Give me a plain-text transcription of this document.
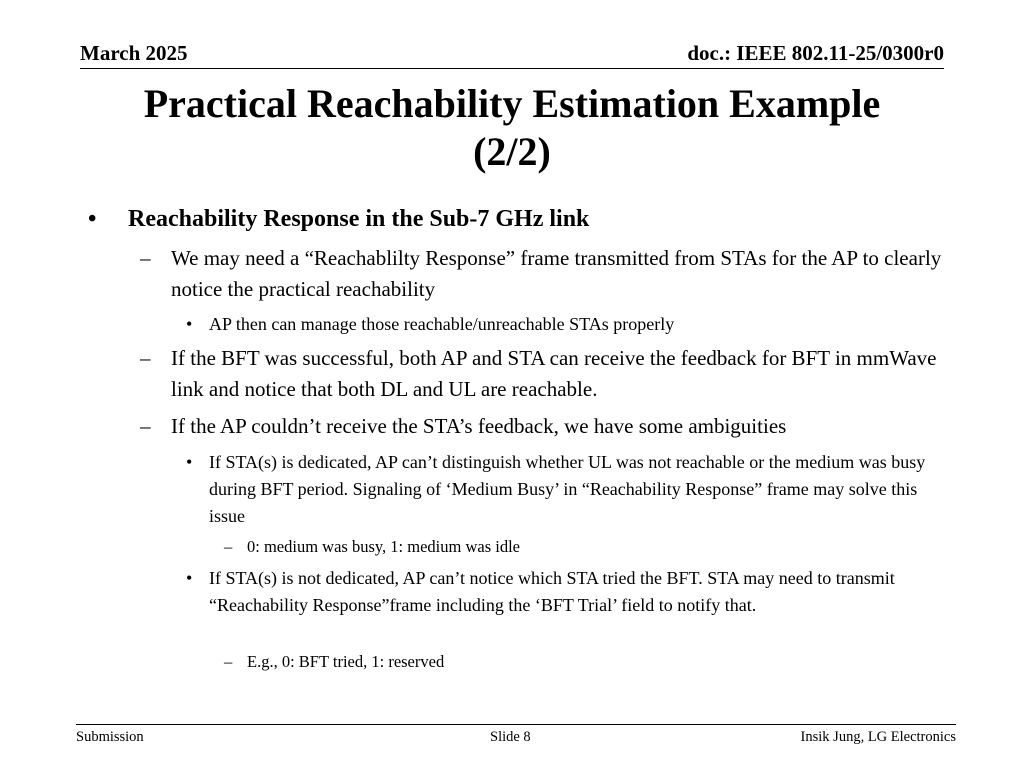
March 2025	doc.: IEEE 802.11-25/0300r0
Practical Reachability Estimation Example
(2/2)
• Reachability Response in the Sub-7 GHz link
– We may need a “Reachablilty Response” frame transmitted from STAs for the AP to clearly notice the practical reachability
• AP then can manage those reachable/unreachable STAs properly
– If the BFT was successful, both AP and STA can receive the feedback for BFT in mmWave link and notice that both DL and UL are reachable.
– If the AP couldn’t receive the STA’s feedback, we have some ambiguities
• If STA(s) is dedicated, AP can’t distinguish whether UL was not reachable or the medium was busy during BFT period. Signaling of ‘Medium Busy’ in “Reachability Response” frame may solve this issue
– 0: medium was busy, 1: medium was idle
• If STA(s) is not dedicated, AP can’t notice which STA tried the BFT. STA may need to transmit “Reachability Response”frame including the ‘BFT Trial’ field to notify that.
– E.g., 0: BFT tried, 1: reserved
Submission	Slide 8	Insik Jung, LG Electronics
